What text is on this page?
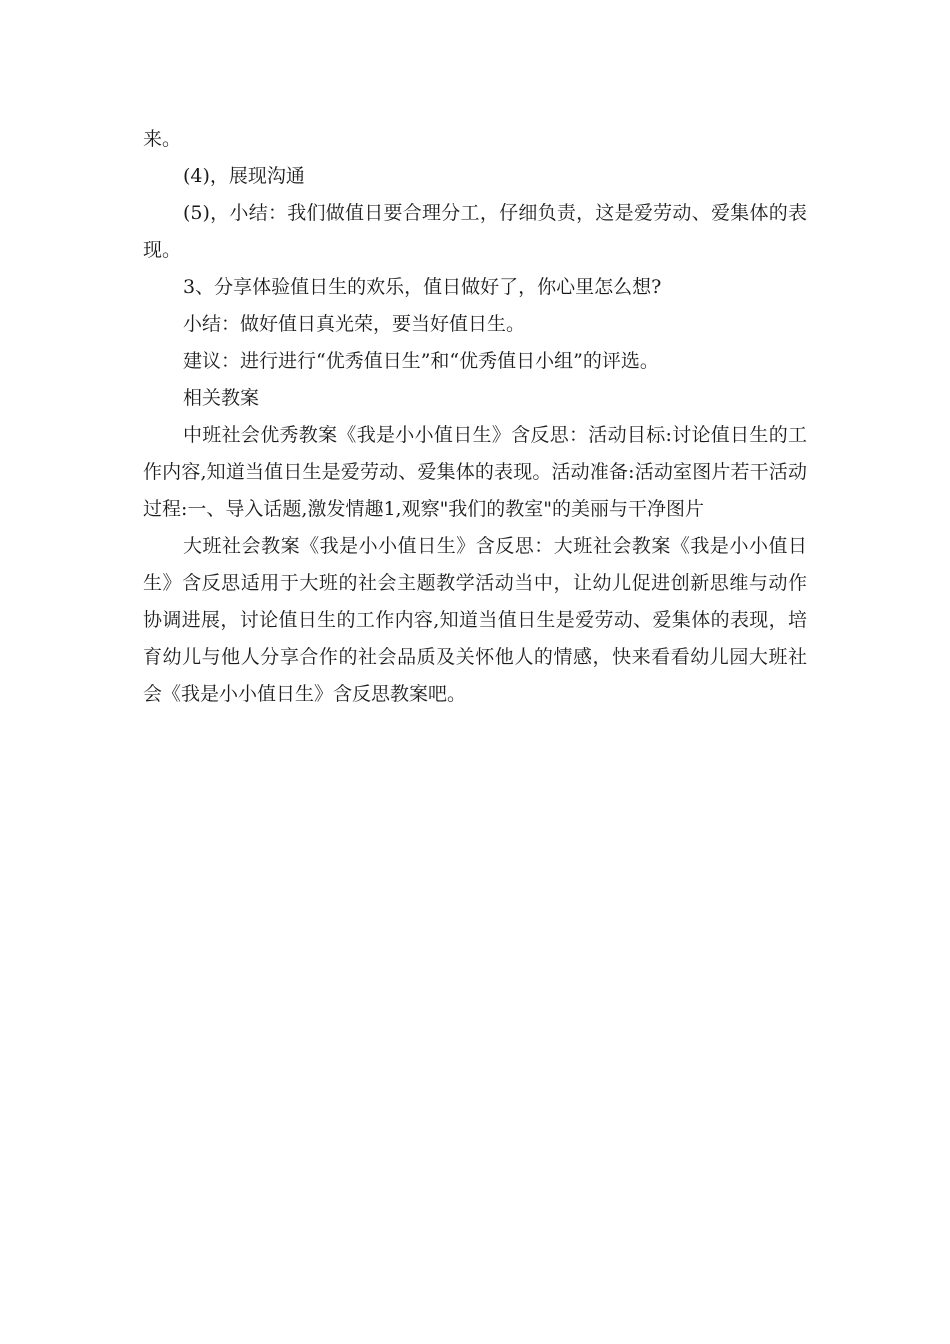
来。

(4)，展现沟通

(5)，小结：我们做值日要合理分工，仔细负责，这是爱劳动、爱集体的表现。

3、分享体验值日生的欢乐，值日做好了，你心里怎么想?

小结：做好值日真光荣，要当好值日生。

建议：进行进行“优秀值日生”和“优秀值日小组”的评选。

相关教案

中班社会优秀教案《我是小小值日生》含反思：活动目标:讨论值日生的工作内容,知道当值日生是爱劳动、爱集体的表现。活动准备:活动室图片若干活动过程:一、导入话题,激发情趣1,观察"我们的教室"的美丽与干净图片

大班社会教案《我是小小值日生》含反思：大班社会教案《我是小小值日生》含反思适用于大班的社会主题教学活动当中，让幼儿促进创新思维与动作协调进展，讨论值日生的工作内容,知道当值日生是爱劳动、爱集体的表现，培育幼儿与他人分享合作的社会品质及关怀他人的情感，快来看看幼儿园大班社会《我是小小值日生》含反思教案吧。
